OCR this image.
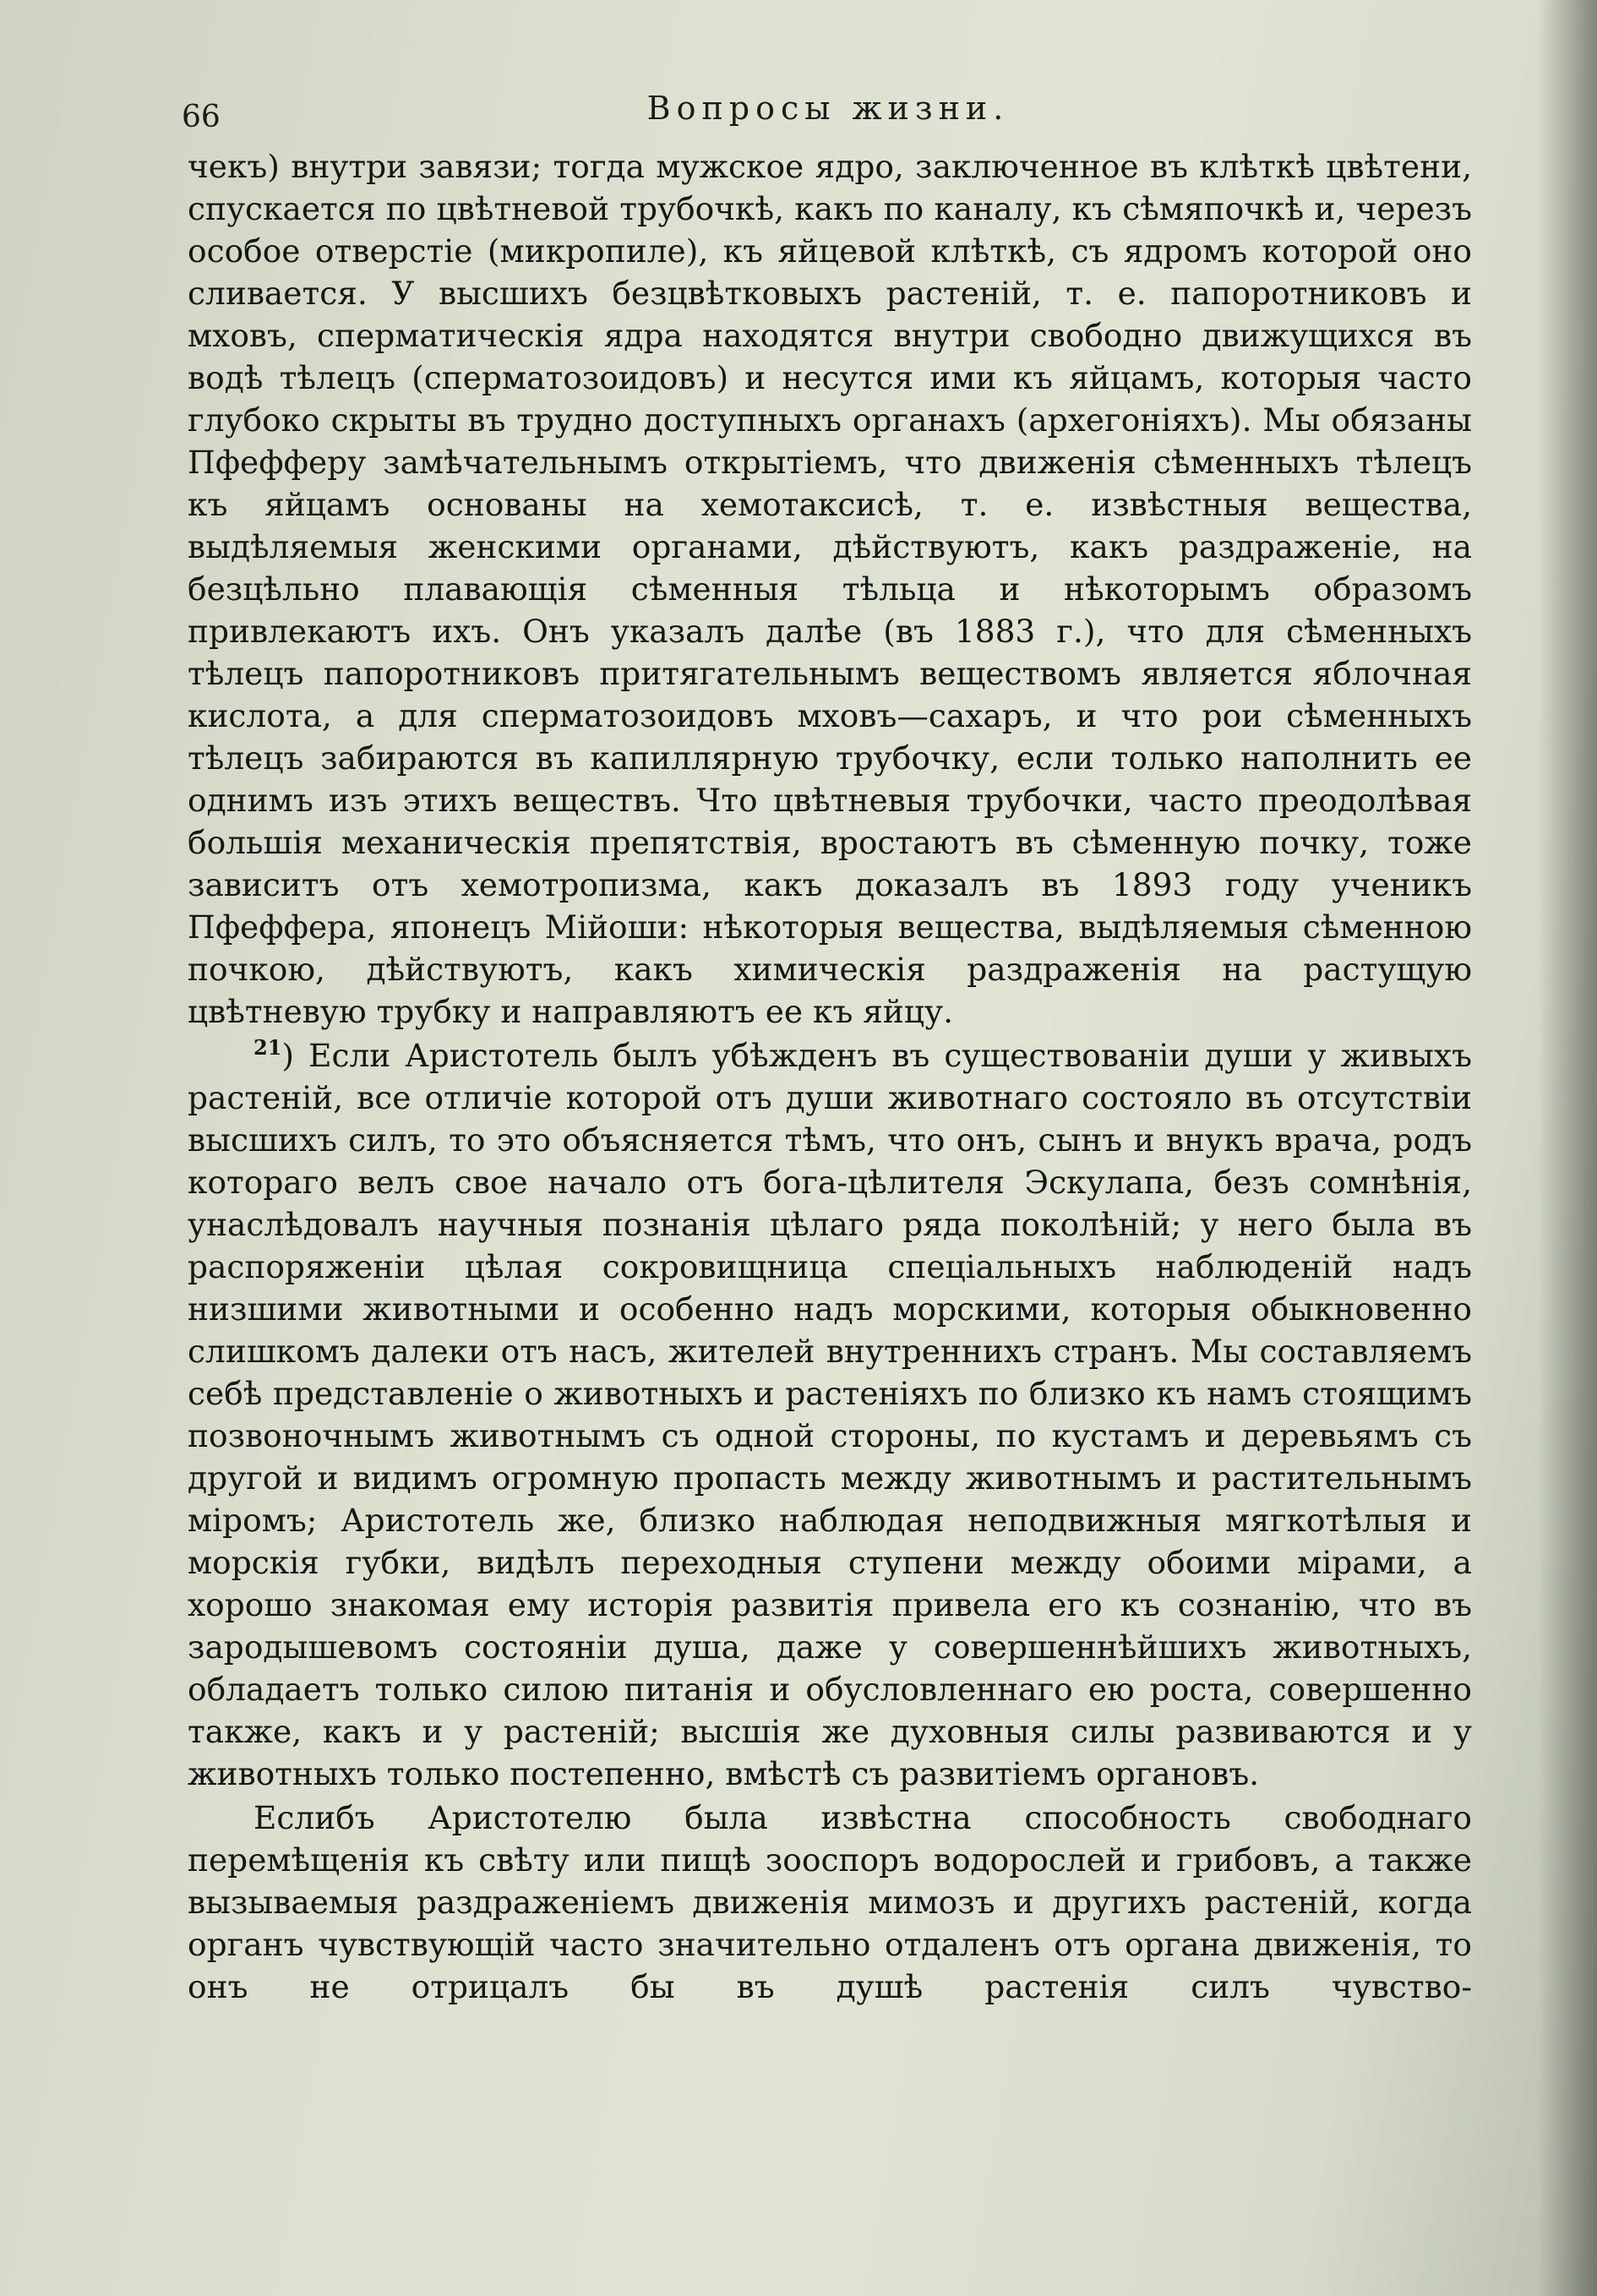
66	Вопросы жизни.

чекъ) внутри завязи; тогда мужское ядро, заключенное въ клѣткѣ цвѣтени, спускается по цвѣтневой трубочкѣ, какъ по каналу, къ сѣмяпочкѣ и, черезъ особое отверстіе (микропиле), къ яйцевой клѣткѣ, съ ядромъ которой оно сливается. У высшихъ безцвѣтковыхъ растеній, т. е. папоротниковъ и мховъ, сперматическія ядра находятся внутри свободно движущихся въ водѣ тѣлецъ (сперматозоидовъ) и несутся ими къ яйцамъ, которыя часто глубоко скрыты въ трудно доступныхъ органахъ (архегоніяхъ). Мы обязаны Пфефферу замѣчательнымъ открытіемъ, что движенія сѣменныхъ тѣлецъ къ яйцамъ основаны на хемотаксисѣ, т. е. извѣстныя вещества, выдѣляемыя женскими органами, дѣйствуютъ, какъ раздраженіе, на безцѣльно плавающія сѣменныя тѣльца и нѣкоторымъ образомъ привлекаютъ ихъ. Онъ указалъ далѣе (въ 1883 г.), что для сѣменныхъ тѣлецъ папоротниковъ притягательнымъ веществомъ является яблочная кислота, а для сперматозоидовъ мховъ—сахаръ, и что рои сѣменныхъ тѣлецъ забираются въ капиллярную трубочку, если только наполнить ее однимъ изъ этихъ веществъ. Что цвѣтневыя трубочки, часто преодолѣвая большія механическія препятствія, вростаютъ въ сѣменную почку, тоже зависитъ отъ хемотропизма, какъ доказалъ въ 1893 году ученикъ Пфеффера, японецъ Мійоши: нѣкоторыя вещества, выдѣляемыя сѣменною почкою, дѣйствуютъ, какъ химическія раздраженія на растущую цвѣтневую трубку и направляютъ ее къ яйцу.

$^{21}$) Если Аристотель былъ убѣжденъ въ существованіи души у живыхъ растеній, все отличіе которой отъ души животнаго состояло въ отсутствіи высшихъ силъ, то это объясняется тѣмъ, что онъ, сынъ и внукъ врача, родъ котораго велъ свое начало отъ бога-цѣлителя Эскулапа, безъ сомнѣнія, унаслѣдовалъ научныя познанія цѣлаго ряда поколѣній; у него была въ распоряженіи цѣлая сокровищница спеціальныхъ наблюденій надъ низшими животными и особенно надъ морскими, которыя обыкновенно слишкомъ далеки отъ насъ, жителей внутреннихъ странъ. Мы составляемъ себѣ представленіе о животныхъ и растеніяхъ по близко къ намъ стоящимъ позвоночнымъ животнымъ съ одной стороны, по кустамъ и деревьямъ съ другой и видимъ огромную пропасть между животнымъ и растительнымъ міромъ; Аристотель же, близко наблюдая неподвижныя мягкотѣлыя и морскія губки, видѣлъ переходныя ступени между обоими мірами, а хорошо знакомая ему исторія развитія привела его къ сознанію, что въ зародышевомъ состояніи душа, даже у совершеннѣйшихъ животныхъ, обладаетъ только силою питанія и обусловленнаго ею роста, совершенно также, какъ и у растеній; высшія же духовныя силы развиваются и у животныхъ только постепенно, вмѣстѣ съ развитіемъ органовъ.

Еслибъ Аристотелю была извѣстна способность свободнаго перемѣщенія къ свѣту или пищѣ зооспоръ водорослей и грибовъ, а также вызываемыя раздраженіемъ движенія мимозъ и другихъ растеній, когда органъ чувствующій часто значительно отдаленъ отъ органа движенія, то онъ не отрицалъ бы въ душѣ растенія силъ чувство-
